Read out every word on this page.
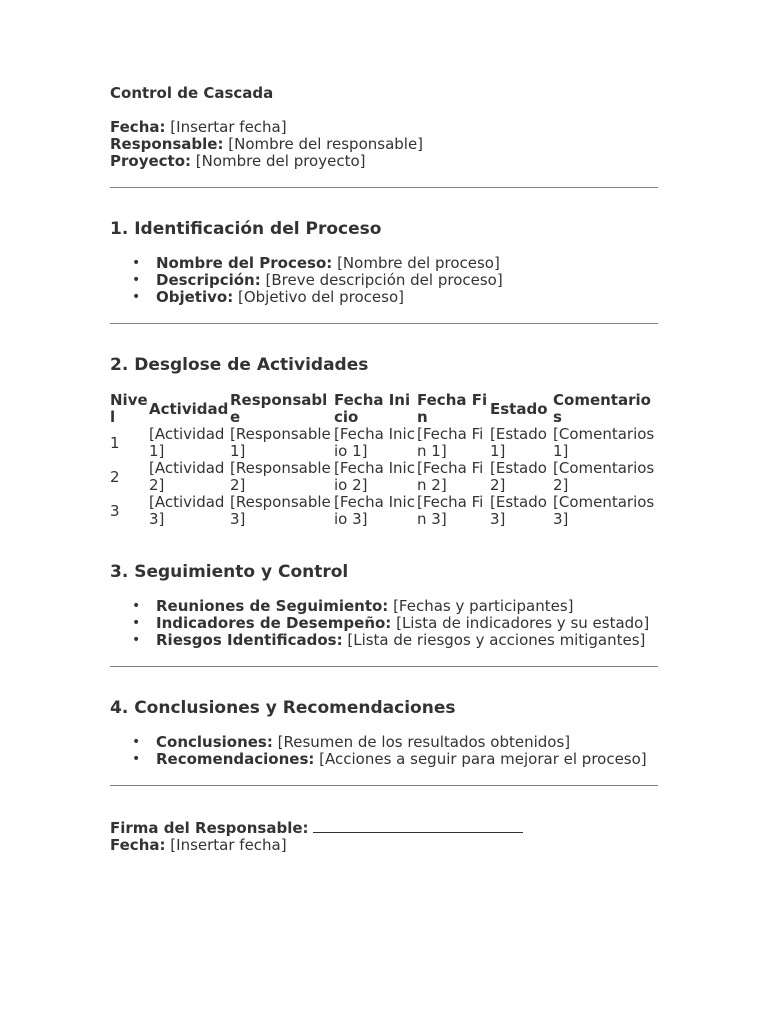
Control de Cascada

Fecha: [Insertar fecha]

Responsable: [Nombre del responsable]

Proyecto: [Nombre del proyecto]

1. Identificación del Proceso
• Nombre del Proceso: [Nombre del proceso]
• Descripción: [Breve descripción del proceso]
• Objetivo: [Objetivo del proceso]
2. Desglose de Actividades
Nivel	Actividad	Responsable	Fecha Inicio	Fecha Fin	Estado	Comentarios
1	[Actividad 1]	[Responsable 1]	[Fecha Inicio 1]	[Fecha Fin 1]	[Estado 1]	[Comentarios 1]
2	[Actividad 2]	[Responsable 2]	[Fecha Inicio 2]	[Fecha Fin 2]	[Estado 2]	[Comentarios 2]
3	[Actividad 3]	[Responsable 3]	[Fecha Inicio 3]	[Fecha Fin 3]	[Estado 3]	[Comentarios 3]
3. Seguimiento y Control
• Reuniones de Seguimiento: [Fechas y participantes]
• Indicadores de Desempeño: [Lista de indicadores y su estado]
• Riesgos Identificados: [Lista de riesgos y acciones mitigantes]
4. Conclusiones y Recomendaciones
• Conclusiones: [Resumen de los resultados obtenidos]
• Recomendaciones: [Acciones a seguir para mejorar el proceso]

Firma del Responsable:

Fecha: [Insertar fecha]
